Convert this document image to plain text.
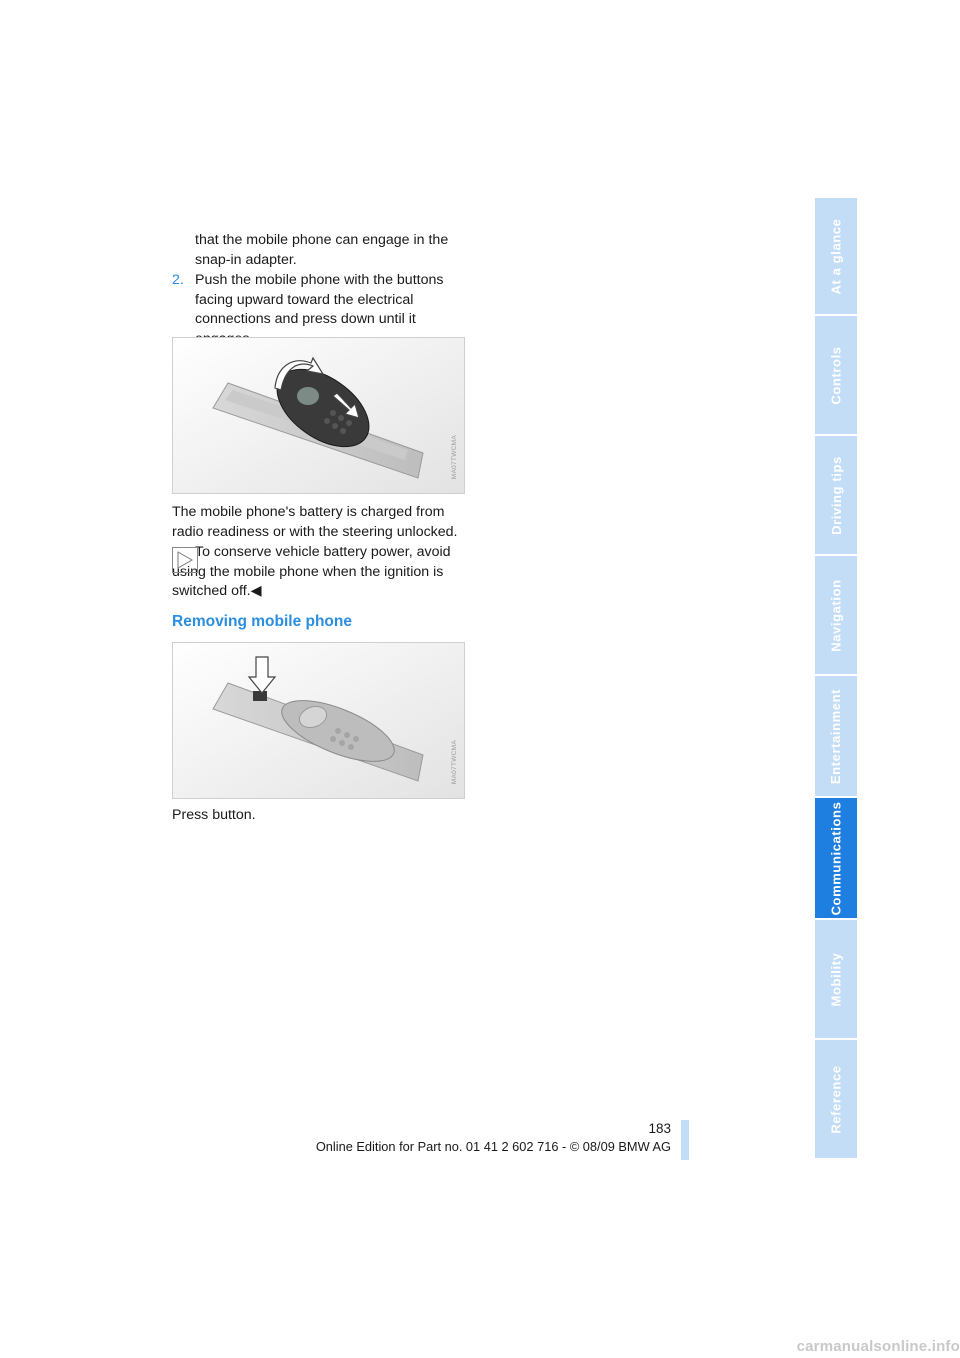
that the mobile phone can engage in the snap-in adapter.

2. Push the mobile phone with the buttons facing upward toward the electrical connections and press down until it
MA07TWCMA

The mobile phone's battery is charged from radio readiness or with the steering unlocked.

To conserve vehicle battery power, avoid using the mobile phone when the ignition is switched off.◀

Removing mobile phone
MA07TWCMA

Press button.

At a glance
Controls
Driving tips
Navigation
Entertainment
Communications
Mobility
Reference
183
Online Edition for Part no. 01 41 2 602 716 - © 08/09 BMW AG
carmanualsonline.info
